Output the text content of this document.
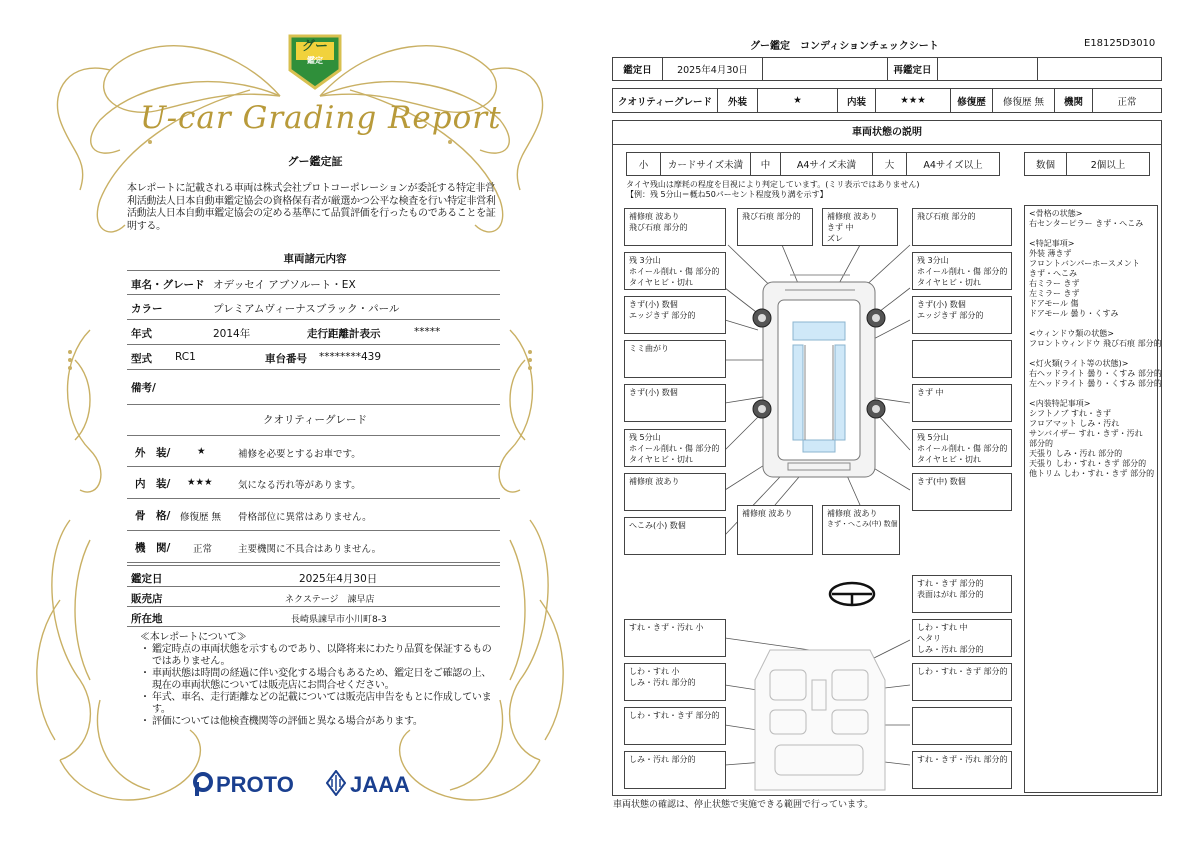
グー
鑑定
U-car Grading Report
グー鑑定証
本レポートに記載される車両は株式会社プロトコーポレーションが委託する特定非営利活動法人日本自動車鑑定協会の資格保有者が厳選かつ公平な検査を行い特定非営利活動法人日本自動車鑑定協会の定める基準にて品質評価を行ったものであることを証明する。
車両諸元内容
車名・グレード オデッセイ アブソルート・EX
カラー	プレミアムヴィーナスブラック・パール
年式	2014年	走行距離計表示	*****
型式 RC1	車台番号 ********439
備考/
クオリティーグレード
外　装/	★	補修を必要とするお車です。
内　装/ ★★★	気になる汚れ等があります。
骨　格/ 修復歴 無 骨格部位に異常はありません。
機　関/ 正常	主要機関に不具合はありません。
鑑定日	2025年4月30日
販売店	ネクステージ　諫早店
所在地	長崎県諫早市小川町8-3
≪本レポートについて≫
・ 鑑定時点の車両状態を示すものであり、以降将来にわたり品質を保証するものではありません。
・ 車両状態は時間の経過に伴い変化する場合もあるため、鑑定日をご確認の上、現在の車両状態については販売店にお問合せください。
・ 年式、車名、走行距離などの記載については販売店申告をもとに作成しています。
・ 評価については他検査機関等の評価と異なる場合があります。
PROTO	JAAA
グー鑑定　コンディションチェックシート	E18125D3010
鑑定日	2025年4月30日	再鑑定日
クオリティーグレード	外装	★	内装	★★★	修復歴	修復歴 無	機関	正常
車両状態の説明
小	カードサイズ未満	中	A4サイズ未満	大	A4サイズ以上	数個	2個以上
タイヤ残山は摩耗の程度を目視により判定しています。(ミリ表示ではありません)
【例：残 5分山＝概ね50パーセント程度残り溝を示す】
補修痕 波あり
飛び石痕 部分的
飛び石痕 部分的	補修痕 波あり
きず 中
ズレ
飛び石痕 部分的
残 3分山
ホイール削れ・傷 部分的
タイヤヒビ・切れ
残 3分山
ホイール削れ・傷 部分的
タイヤヒビ・切れ
きず(小) 数個
エッジきず 部分的
きず(小) 数個
エッジきず 部分的
ミミ曲がり
きず(小) 数個	きず 中
残 5分山
ホイール削れ・傷 部分的
タイヤヒビ・切れ
残 5分山
ホイール削れ・傷 部分的
タイヤヒビ・切れ
補修痕 波あり	きず(中) 数個
へこみ(小) 数個
補修痕 波あり	補修痕 波あり
きず・へこみ(中) 数個
すれ・きず 部分的
表面はがれ 部分的
すれ・きず・汚れ 小	しわ・すれ 中
へタリ
しみ・汚れ 部分的
しわ・すれ 小
しみ・汚れ 部分的
しわ・すれ・きず 部分的
しわ・すれ・きず 部分的
しみ・汚れ 部分的	すれ・きず・汚れ 部分的
<骨格の状態>
右センターピラー きず・へこみ
<特記事項>
外装 薄きず
フロントバンパーホースメント
きず・へこみ
右ミラー きず
左ミラー きず
ドアモール 傷
ドアモール 曇り・くすみ
<ウィンドウ類の状態>
フロントウィンドウ 飛び石痕 部分的
<灯火類(ライト等の状態)>
右ヘッドライト 曇り・くすみ 部分的
左ヘッドライト 曇り・くすみ 部分的
<内装特記事項>
シフトノブ すれ・きず
フロアマット しみ・汚れ
サンバイザー すれ・きず・汚れ
部分的
天張り しみ・汚れ 部分的
天張り しわ・すれ・きず 部分的
他トリム しわ・すれ・きず 部分的
車両状態の確認は、停止状態で実施できる範囲で行っています。
